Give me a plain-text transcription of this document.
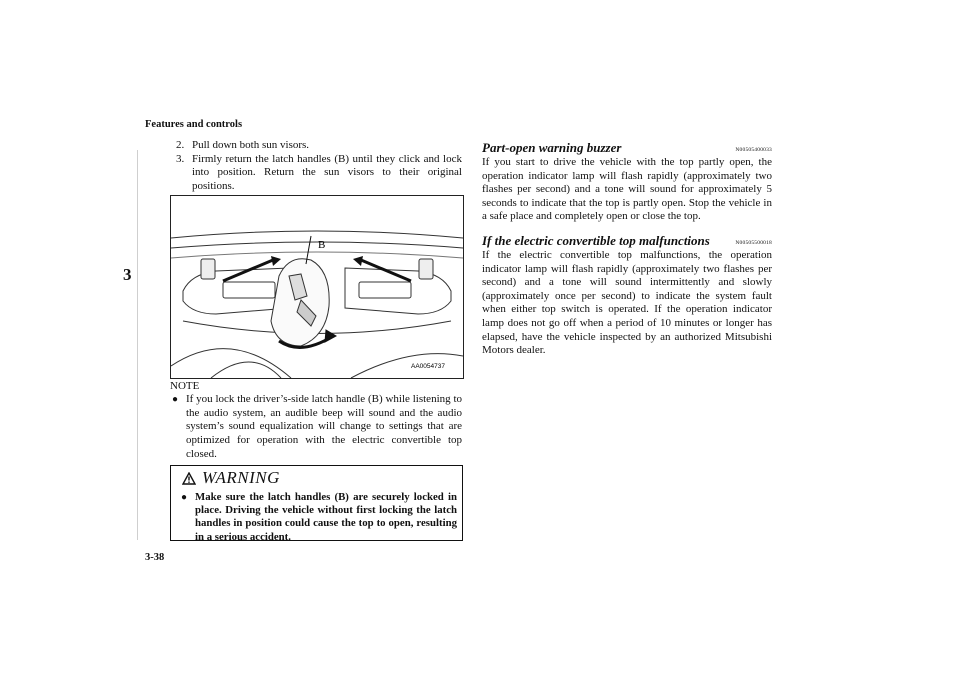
Features and controls
3
3-38
2. Pull down both sun visors.
3. Firmly return the latch handles (B) until they click and lock into position. Return the sun visors to their original positions.
B
AA0054737
NOTE
● If you lock the driver’s-side latch handle (B) while listening to the audio system, an audible beep will sound and the audio system’s sound equalization will change to settings that are optimized for operation with the electric convertible top closed.
WARNING
● Make sure the latch handles (B) are securely locked in place. Driving the vehicle without first locking the latch handles in position could cause the top to open, resulting in a serious accident.
Part-open warning buzzer	N00505400033
If you start to drive the vehicle with the top partly open, the operation indicator lamp will flash rapidly (approximately two flashes per second) and a tone will sound for approximately 5 seconds to indicate that the top is partly open. Stop the vehicle in a safe place and completely open or close the top.
If the electric convertible top malfunctions	N00505500018
If the electric convertible top malfunctions, the operation indicator lamp will flash rapidly (approximately two flashes per second) and a tone will sound intermittently and slowly (approximately once per second) to indicate the system fault when either top switch is operated. If the operation indicator lamp does not go off when a period of 10 minutes or longer has elapsed, have the vehicle inspected by an authorized Mitsubishi Motors dealer.
